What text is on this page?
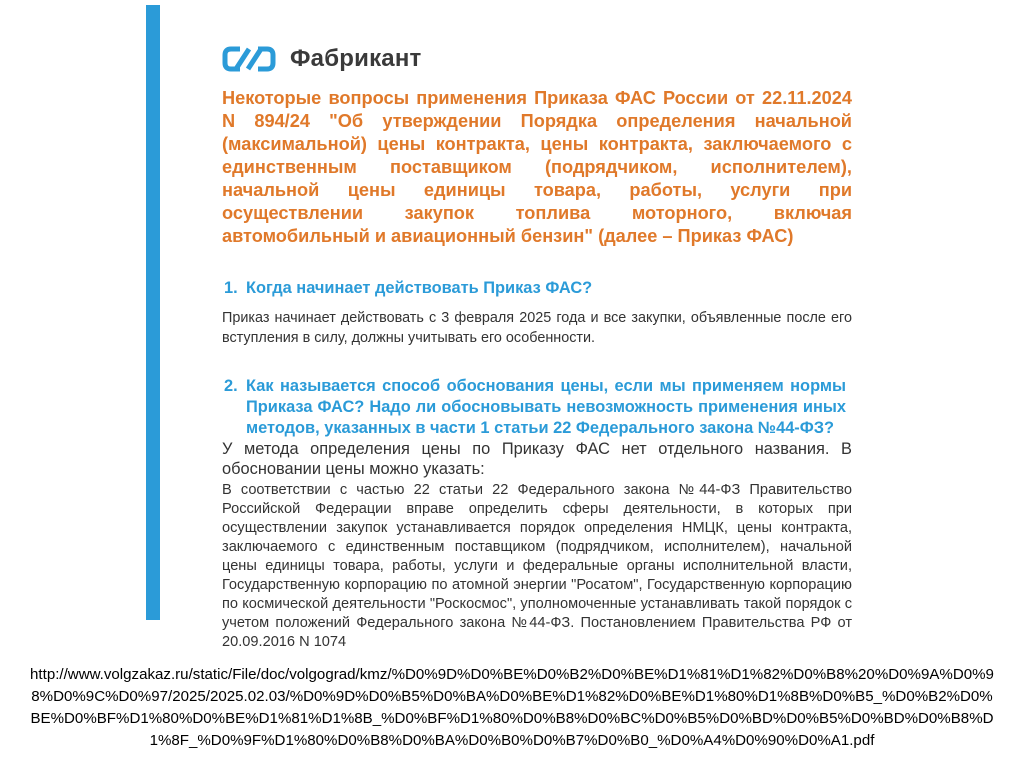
Фабрикант
Некоторые вопросы применения Приказа ФАС России от 22.11.2024 N 894/24 "Об утверждении Порядка определения начальной (максимальной) цены контракта, цены контракта, заключаемого с единственным поставщиком (подрядчиком, исполнителем), начальной цены единицы товара, работы, услуги при осуществлении закупок топлива моторного, включая автомобильный и авиационный бензин" (далее – Приказ ФАС)
1. Когда начинает действовать Приказ ФАС?
Приказ начинает действовать с 3 февраля 2025 года и все закупки, объявленные после его вступления в силу, должны учитывать его особенности.
2. Как называется способ обоснования цены, если мы применяем нормы Приказа ФАС? Надо ли обосновывать невозможность применения иных методов, указанных в части 1 статьи 22 Федерального закона №44-ФЗ?
У метода определения цены по Приказу ФАС нет отдельного названия. В обосновании цены можно указать:
В соответствии с частью 22 статьи 22 Федерального закона №44-ФЗ Правительство Российской Федерации вправе определить сферы деятельности, в которых при осуществлении закупок устанавливается порядок определения НМЦК, цены контракта, заключаемого с единственным поставщиком (подрядчиком, исполнителем), начальной цены единицы товара, работы, услуги и федеральные органы исполнительной власти, Государственную корпорацию по атомной энергии "Росатом", Государственную корпорацию по космической деятельности "Роскосмос", уполномоченные устанавливать такой порядок с учетом положений Федерального закона №44-ФЗ. Постановлением Правительства РФ от 20.09.2016 N 1074
http://www.volgzakaz.ru/static/File/doc/volgograd/kmz/%D0%9D%D0%BE%D0%B2%D0%BE%D1%81%D1%82%D0%B8%20%D0%9A%D0%98%D0%9C%D0%97/2025/2025.02.03/%D0%9D%D0%B5%D0%BA%D0%BE%D1%82%D0%BE%D1%80%D1%8B%D0%B5_%D0%B2%D0%BE%D0%BF%D1%80%D0%BE%D1%81%D1%8B_%D0%BF%D1%80%D0%B8%D0%BC%D0%B5%D0%BD%D0%B5%D0%BD%D0%B8%D1%8F_%D0%9F%D1%80%D0%B8%D0%BA%D0%B0%D0%B7%D0%B0_%D0%A4%D0%90%D0%A1.pdf
